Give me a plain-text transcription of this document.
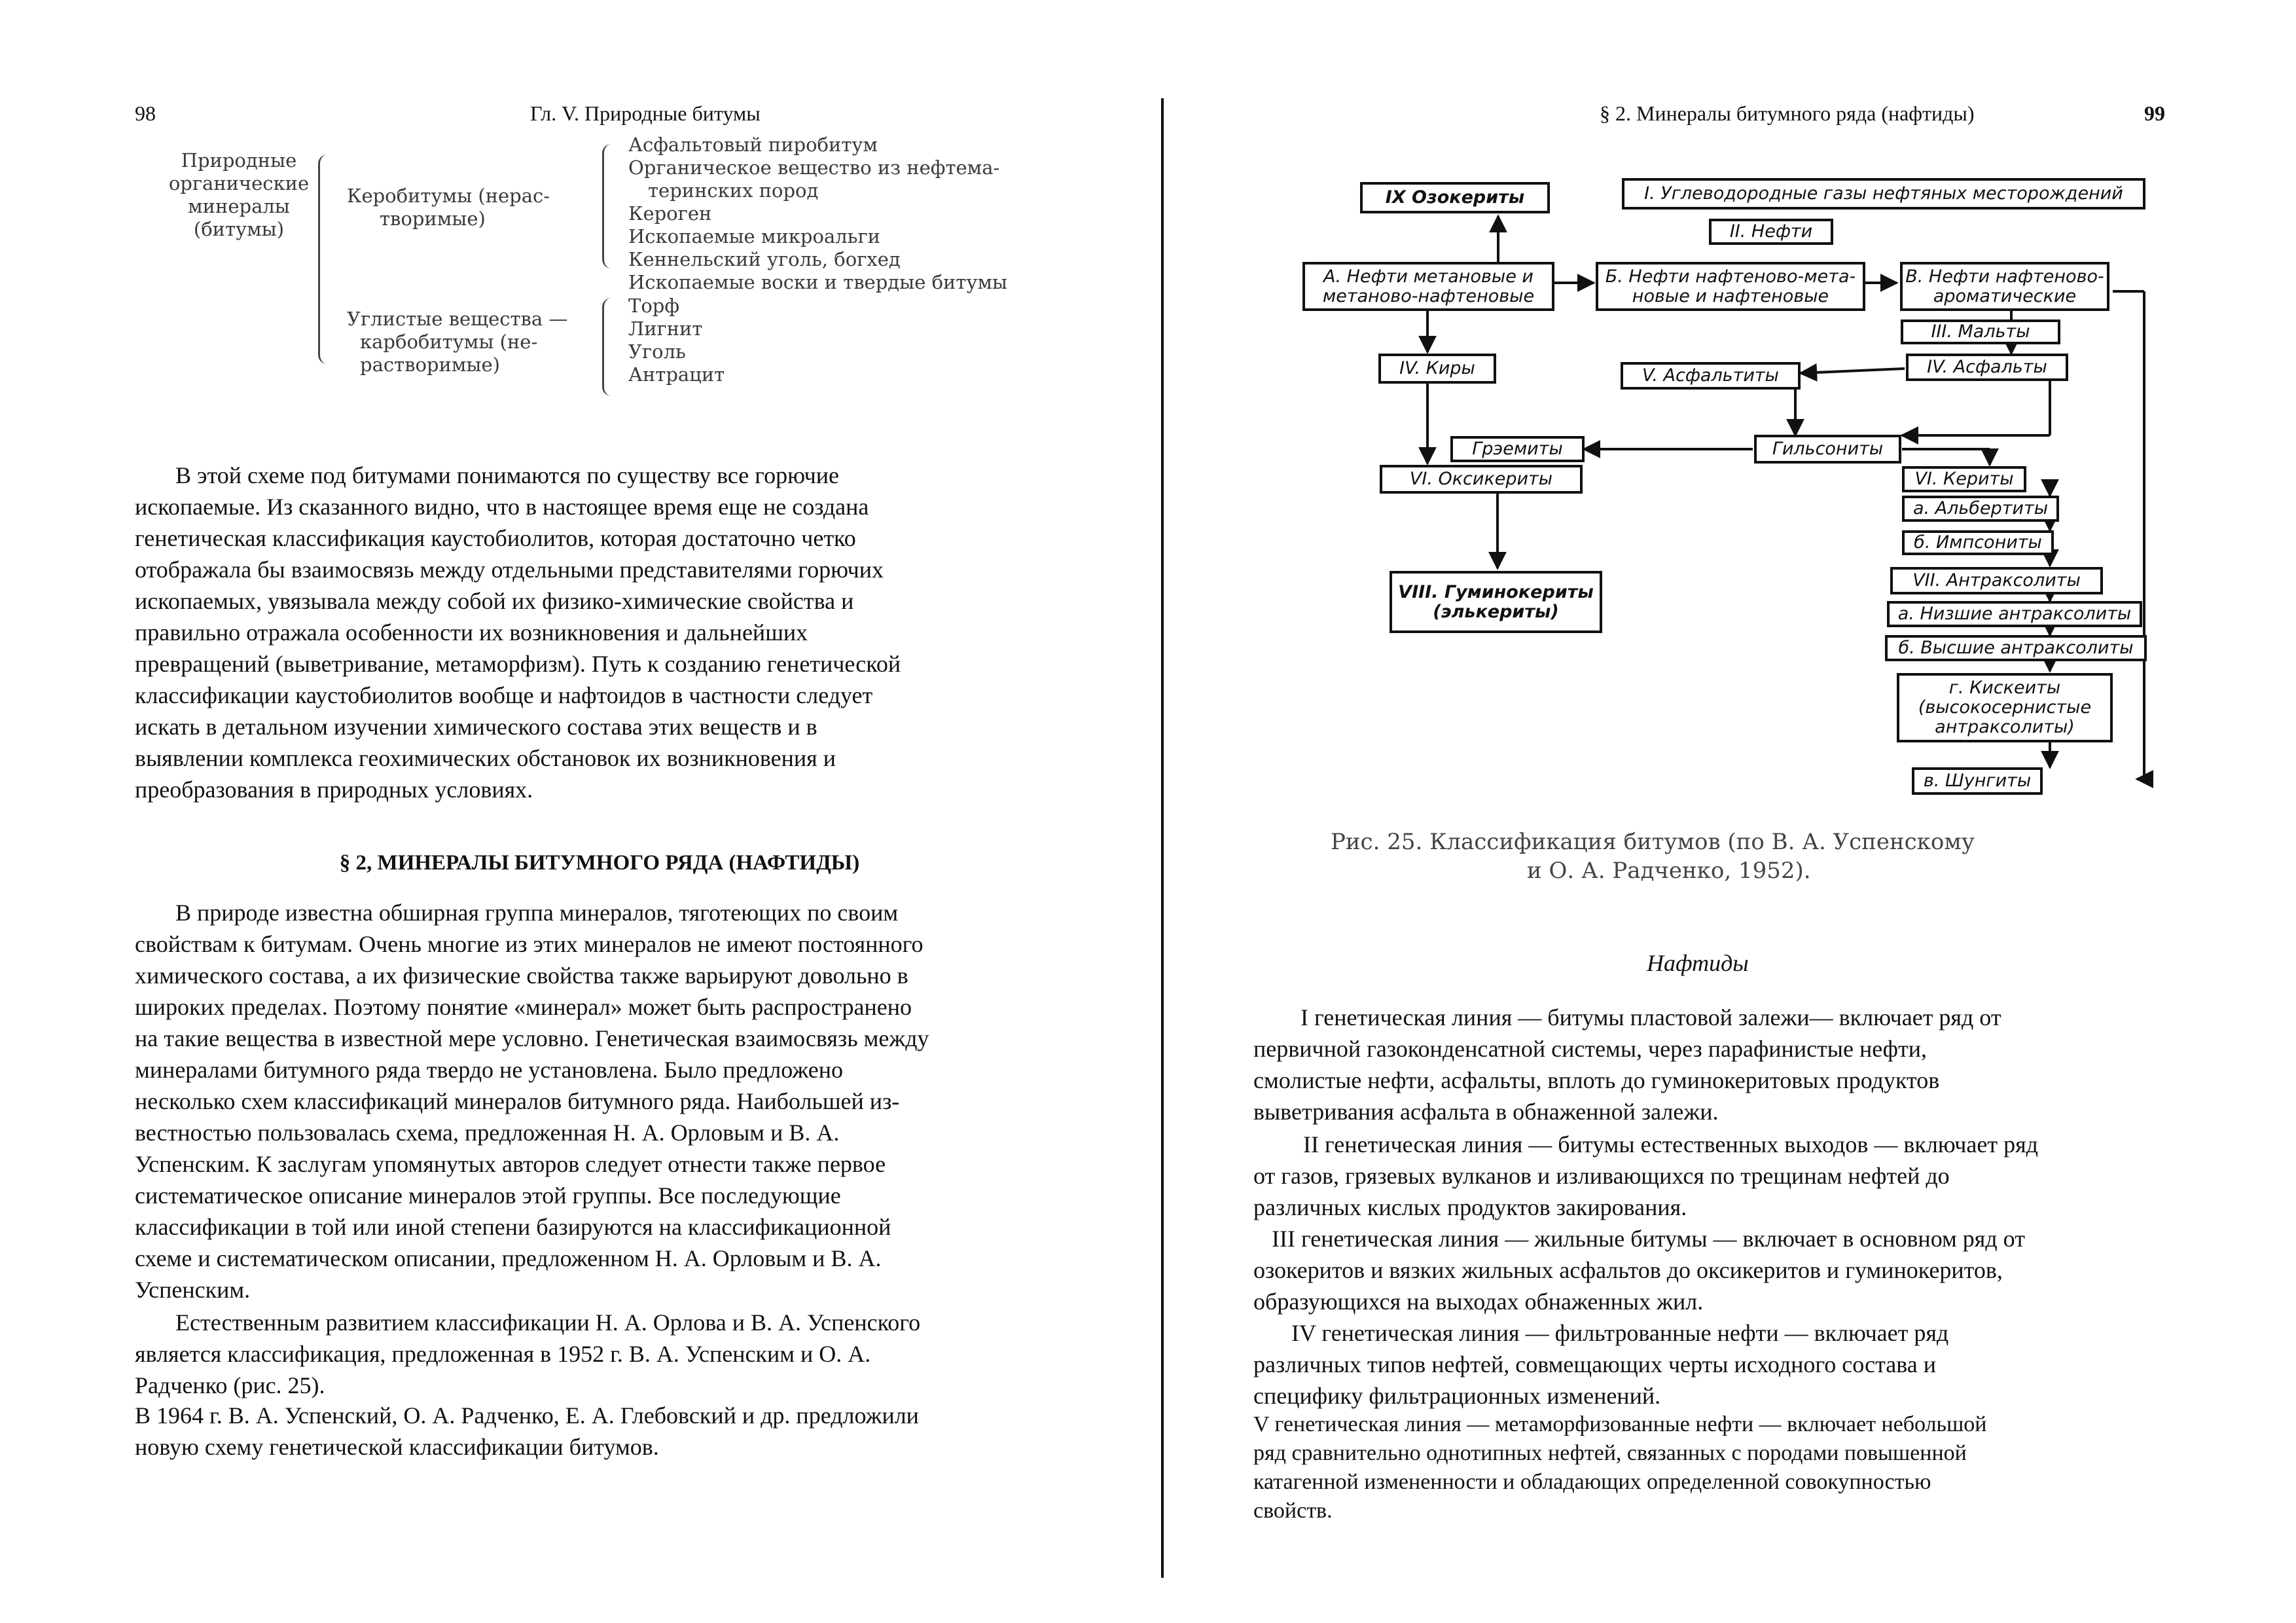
98	Гл. V. Природные битумы
Природные
органические
минералы
(битумы)
Керобитумы (нерас-
творимые)
Асфальтовый пиробитум
Органическое вещество из нефтема-
теринских пород
Кероген
Ископаемые микроальги
Кеннельский уголь, богхед
Ископаемые воски и твердые битумы
Углистые вещества —
карбобитумы (не-
растворимые)
Торф
Лигнит
Уголь
Антрацит
В этой схеме под битумами понимаются по существу все горючие
ископаемые. Из сказанного видно, что в настоящее время еще не создана
генетическая классификация каустобиолитов, которая достаточно четко
отображала бы взаимосвязь между отдельными представителями горючих
ископаемых, увязывала между собой их физико-химические свойства и
правильно отражала особенности их возникновения и дальнейших
превращений (выветривание, метаморфизм). Путь к созданию генетической
классификации каустобиолитов вообще и нафтоидов в частности следует
искать в детальном изучении химического состава этих веществ и в
выявлении комплекса геохимических обстановок их возникновения и
преобразования в природных условиях.
§ 2, МИНЕРАЛЫ БИТУМНОГО РЯДА (НАФТИДЫ)
В природе известна обширная группа минералов, тяготеющих по своим
свойствам к битумам. Очень многие из этих минералов не имеют постоянного
химического состава, а их физические свойства также варьируют довольно в
широких пределах. Поэтому понятие «минерал» может быть распространено
на такие вещества в известной мере условно. Генетическая взаимосвязь между
минералами битумного ряда твердо не установлена. Было предложено
несколько схем классификаций минералов битумного ряда. Наибольшей из-
вестностью пользовалась схема, предложенная Н. А. Орловым и В. А.
Успенским. К заслугам упомянутых авторов следует отнести также первое
систематическое описание минералов этой группы. Все последующие
классификации в той или иной степени базируются на классификационной
схеме и систематическом описании, предложенном Н. А. Орловым и В. А.
Успенским.
Естественным развитием классификации Н. А. Орлова и В. А. Успенского
является классификация, предложенная в 1952 г. В. А. Успенским и О. А.
Радченко (рис. 25).
В 1964 г. В. А. Успенский, О. А. Радченко, Е. А. Глебовский и др. предложили
новую схему генетической классификации битумов.
§ 2. Минералы битумного ряда (нафтиды)	99
IX Озокериты	I. Углеводородные газы нефтяных месторождений
II. Нефти
А. Нефти метановые и
метаново-нафтеновые
Б. Нефти нафтеново-мета-
новые и нафтеновые
В. Нефти нафтеново-
ароматические
III. Мальты
IV. Киры	V. Асфальтиты	IV. Асфальты
Грэемиты	Гильсониты
VI. Оксикериты	VI. Кериты
а. Альбертиты
б. Импсониты
VIII. Гуминокериты
(элькериты)
VII. Антраксолиты
а. Низшие антраксолиты
б. Высшие антраксолиты
г. Кискеиты
(высокосернистые
антраксолиты)
в. Шунгиты
Рис. 25. Классификация битумов (по В. А. Успенскому
и О. А. Радченко, 1952).
Нафтиды
I генетическая линия — битумы пластовой залежи— включает ряд от
первичной газоконденсатной системы, через парафинистые нефти,
смолистые нефти, асфальты, вплоть до гуминокеритовых продуктов
выветривания асфальта в обнаженной залежи.
II генетическая линия — битумы естественных выходов — включает ряд
от газов, грязевых вулканов и изливающихся по трещинам нефтей до
различных кислых продуктов закирования.
III генетическая линия — жильные битумы — включает в основном ряд от
озокеритов и вязких жильных асфальтов до оксикеритов и гуминокеритов,
образующихся на выходах обнаженных жил.
IV генетическая линия — фильтрованные нефти — включает ряд
различных типов нефтей, совмещающих черты исходного состава и
специфику фильтрационных изменений.
V генетическая линия — метаморфизованные нефти — включает небольшой
ряд сравнительно однотипных нефтей, связанных с породами повышенной
катагенной измененности и обладающих определенной совокупностью
свойств.
